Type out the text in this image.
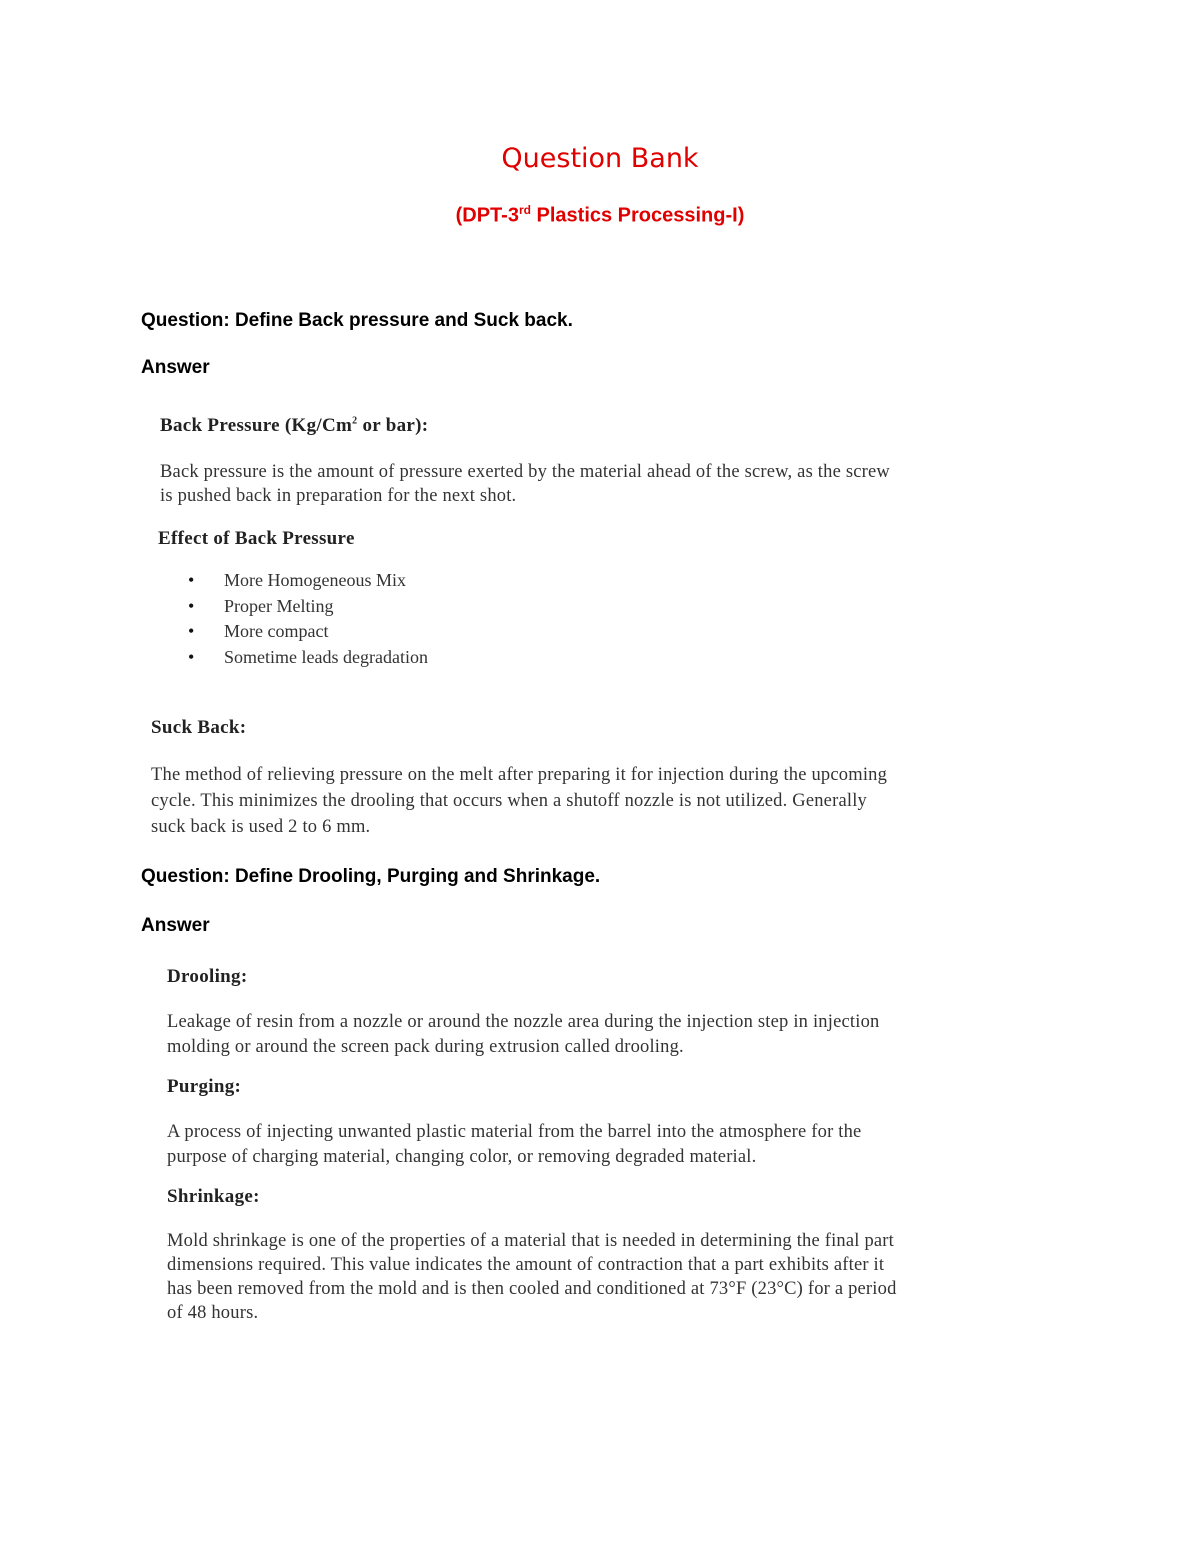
Question Bank
(DPT-3rd Plastics Processing-I)

Question: Define Back pressure and Suck back.

Answer

Back Pressure (Kg/Cm$^2$ or bar):

Back pressure is the amount of pressure exerted by the material ahead of the screw, as the screw

is pushed back in preparation for the next shot.

Effect of Back Pressure
• More Homogeneous Mix
• Proper Melting
• More compact
• Sometime leads degradation
Suck Back:

The method of relieving pressure on the melt after preparing it for injection during the upcoming

cycle. This minimizes the drooling that occurs when a shutoff nozzle is not utilized. Generally

suck back is used 2 to 6 mm.

Question: Define Drooling, Purging and Shrinkage.

Answer

Drooling:

Leakage of resin from a nozzle or around the nozzle area during the injection step in injection

molding or around the screen pack during extrusion called drooling.

Purging:

A process of injecting unwanted plastic material from the barrel into the atmosphere for the

purpose of charging material, changing color, or removing degraded material.

Shrinkage:

Mold shrinkage is one of the properties of a material that is needed in determining the final part

dimensions required. This value indicates the amount of contraction that a part exhibits after it

has been removed from the mold and is then cooled and conditioned at 73°F (23°C) for a period

of 48 hours.
